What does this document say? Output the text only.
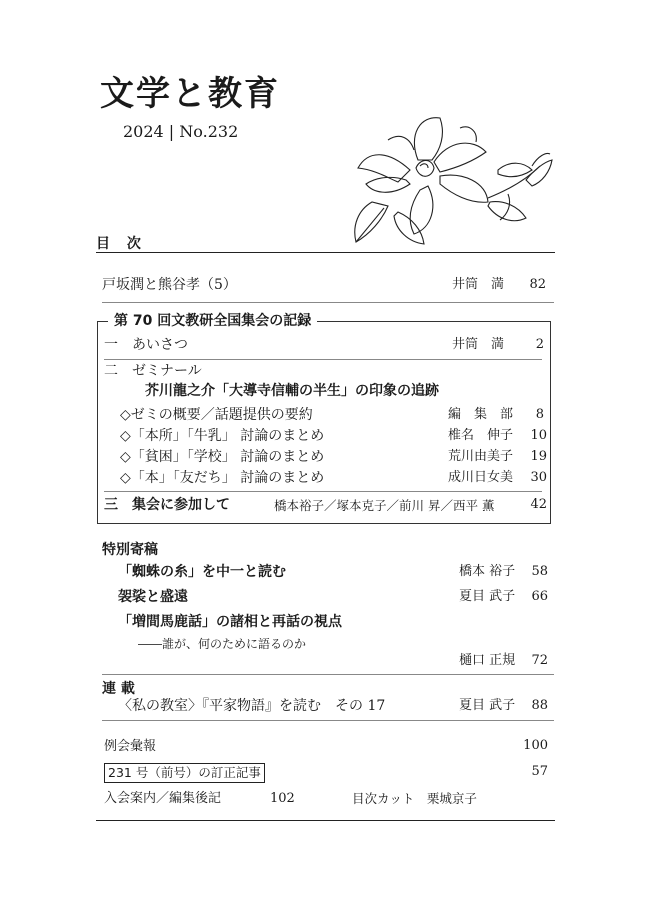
文学と教育
2024 | No.232
目 次
戸坂潤と熊谷孝（5）	井筒　満	82
第 70 回文教研全国集会の記録
一　あいさつ	井筒　満	2
二　ゼミナール
芥川龍之介「大導寺信輔の半生」の印象の追跡
◇ゼミの概要／話題提供の要約	編　集　部	8
◇「本所」「牛乳」 討論のまとめ	椎名　伸子	10
◇「貧困」「学校」 討論のまとめ	荒川由美子	19
◇「本」「友だち」 討論のまとめ	成川日女美	30
三　集会に参加して	橋本裕子／塚本克子／前川 昇／西平 薫	42
特別寄稿
「蜘蛛の糸」を中一と読む	橋本 裕子	58
袈裟と盛遠	夏目 武子	66
「増間馬鹿話」の諸相と再話の視点
――誰が、何のために語るのか
樋口 正規	72
連 載
〈私の教室〉『平家物語』を読む　その 17	夏目 武子	88
例会彙報	100
231 号（前号）の訂正記事	57
入会案内／編集後記	102	目次カット　栗城京子
